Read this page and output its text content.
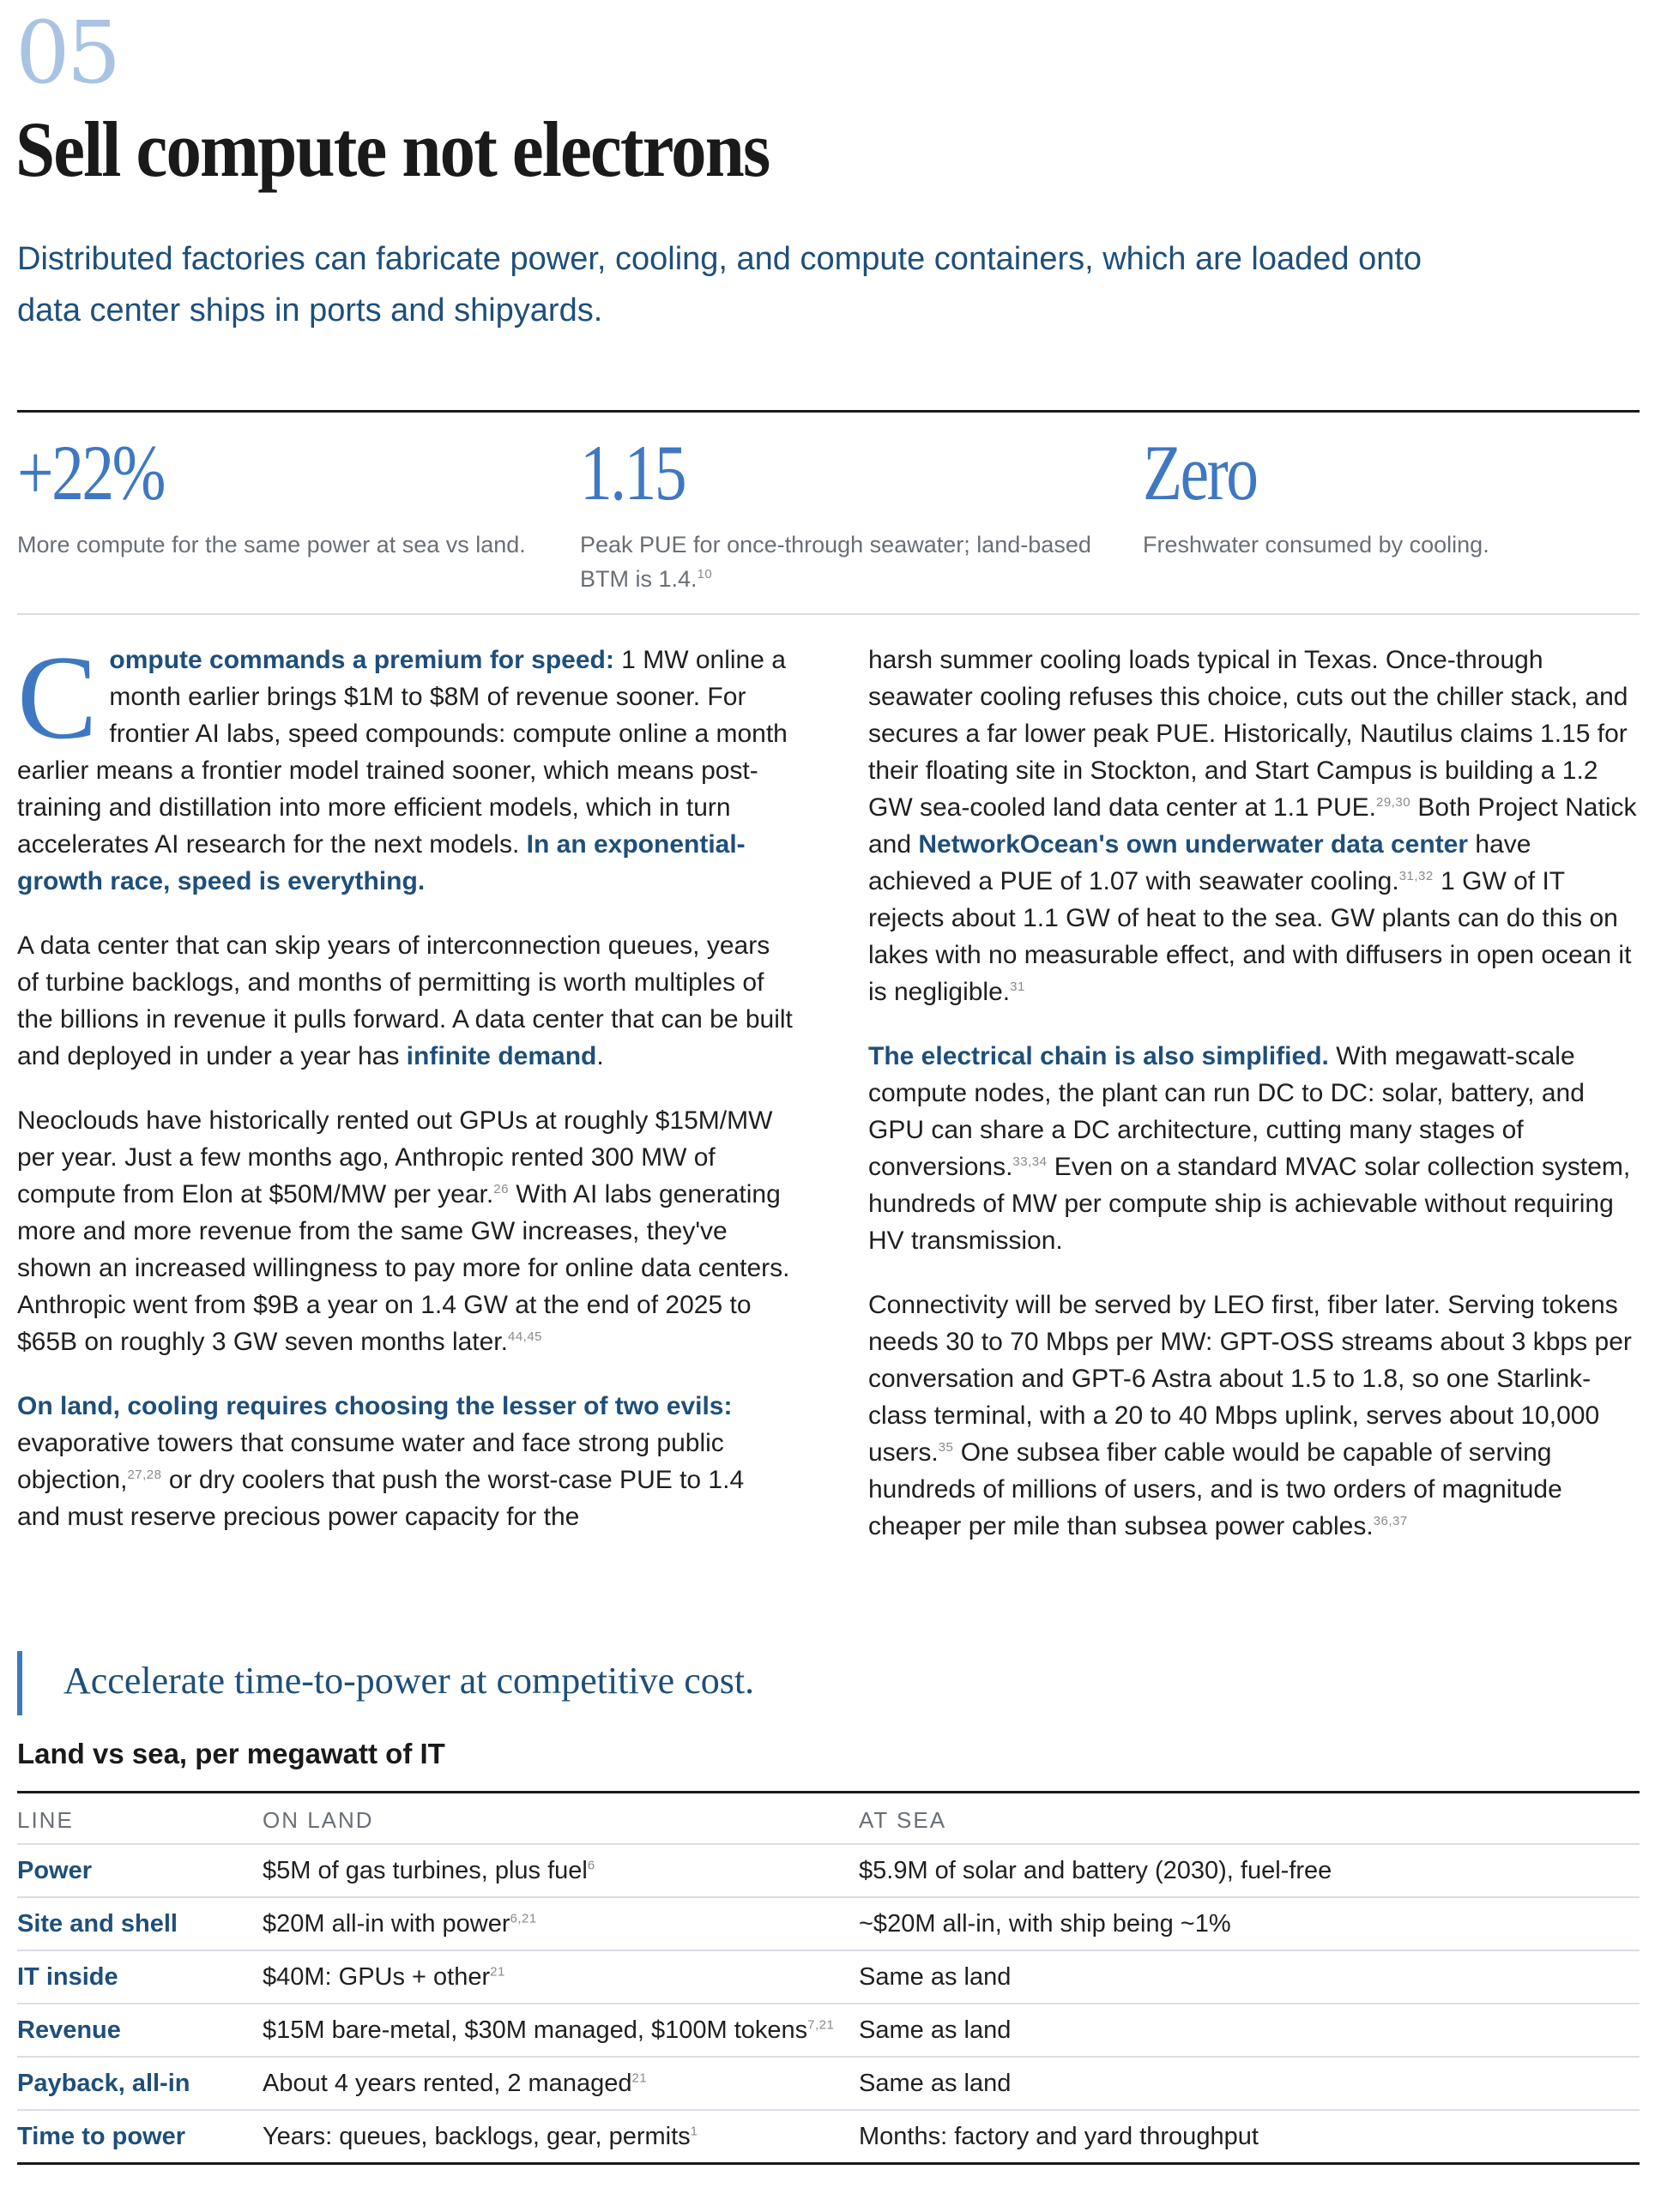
05
Sell compute not electrons
Distributed factories can fabricate power, cooling, and compute containers, which are loaded onto data center ships in ports and shipyards.
+22%
More compute for the same power at sea vs land.
1.15
Peak PUE for once-through seawater; land-based BTM is 1.4.10
Zero
Freshwater consumed by cooling.

Compute commands a premium for speed: 1 MW online a month earlier brings $1M to $8M of revenue sooner. For frontier AI labs, speed compounds: compute online a month earlier means a frontier model trained sooner, which means post-training and distillation into more efficient models, which in turn accelerates AI research for the next models. In an exponential-growth race, speed is everything.

A data center that can skip years of interconnection queues, years of turbine backlogs, and months of permitting is worth multiples of the billions in revenue it pulls forward. A data center that can be built and deployed in under a year has infinite demand.

Neoclouds have historically rented out GPUs at roughly $15M/MW per year. Just a few months ago, Anthropic rented 300 MW of compute from Elon at $50M/MW per year.$^{26}$ With AI labs generating more and more revenue from the same GW increases, they've shown an increased willingness to pay more for online data centers. Anthropic went from $9B a year on 1.4 GW at the end of 2025 to $65B on roughly 3 GW seven months later.$^{44,45}$

On land, cooling requires choosing the lesser of two evils: evaporative towers that consume water and face strong public objection,$^{27,28}$ or dry coolers that push the worst-case PUE to 1.4 and must reserve precious power capacity for the

harsh summer cooling loads typical in Texas. Once-through seawater cooling refuses this choice, cuts out the chiller stack, and secures a far lower peak PUE. Historically, Nautilus claims 1.15 for their floating site in Stockton, and Start Campus is building a 1.2 GW sea-cooled land data center at 1.1 PUE.$^{29,30}$ Both Project Natick and NetworkOcean's own underwater data center have achieved a PUE of 1.07 with seawater cooling.$^{31,32}$ 1 GW of IT rejects about 1.1 GW of heat to the sea. GW plants can do this on lakes with no measurable effect, and with diffusers in open ocean it is negligible.$^{31}$

The electrical chain is also simplified. With megawatt-scale compute nodes, the plant can run DC to DC: solar, battery, and GPU can share a DC architecture, cutting many stages of conversions.$^{33,34}$ Even on a standard MVAC solar collection system, hundreds of MW per compute ship is achievable without requiring HV transmission.

Connectivity will be served by LEO first, fiber later. Serving tokens needs 30 to 70 Mbps per MW: GPT-OSS streams about 3 kbps per conversation and GPT-6 Astra about 1.5 to 1.8, so one Starlink-class terminal, with a 20 to 40 Mbps uplink, serves about 10,000 users.$^{35}$ One subsea fiber cable would be capable of serving hundreds of millions of users, and is two orders of magnitude cheaper per mile than subsea power cables.$^{36,37}$

Accelerate time-to-power at competitive cost.
Land vs sea, per megawatt of IT
LINE	ON LAND	AT SEA
Power	$5M of gas turbines, plus fuel$^6$	$5.9M of solar and battery (2030), fuel-free
Site and shell	$20M all-in with power$^{6,21}$	~$20M all-in, with ship being ~1%
IT inside	$40M: GPUs + other$^{21}$	Same as land
Revenue	$15M bare-metal, $30M managed, $100M tokens$^{7,21}$	Same as land
Payback, all-in	About 4 years rented, 2 managed$^{21}$	Same as land
Time to power	Years: queues, backlogs, gear, permits$^1$	Months: factory and yard throughput
